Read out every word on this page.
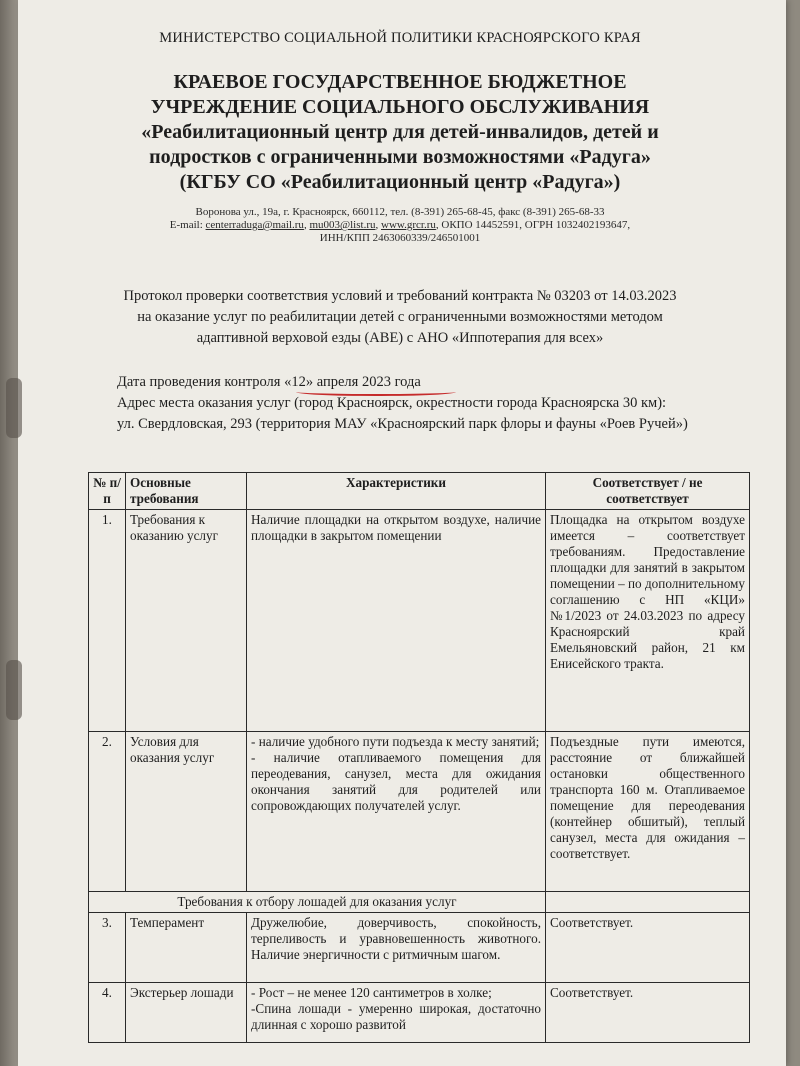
МИНИСТЕРСТВО СОЦИАЛЬНОЙ ПОЛИТИКИ КРАСНОЯРСКОГО КРАЯ
КРАЕВОЕ ГОСУДАРСТВЕННОЕ БЮДЖЕТНОЕ
УЧРЕЖДЕНИЕ СОЦИАЛЬНОГО ОБСЛУЖИВАНИЯ
«Реабилитационный центр для детей-инвалидов, детей и
подростков с ограниченными возможностями «Радуга»
(КГБУ СО «Реабилитационный центр «Радуга»)
Воронова ул., 19а, г. Красноярск, 660112, тел. (8-391) 265-68-45, факс (8-391) 265-68-33
E-mail: centerraduga@mail.ru, mu003@list.ru, www.grcr.ru, ОКПО 14452591, ОГРН 1032402193647,
ИНН/КПП 2463060339/246501001
Протокол проверки соответствия условий и требований контракта № 03203 от 14.03.2023
на оказание услуг по реабилитации детей с ограниченными возможностями методом
адаптивной верховой езды (АВЕ) с АНО «Иппотерапия для всех»
Дата проведения контроля «12» апреля 2023 года
Адрес места оказания услуг (город Красноярск, окрестности города Красноярска 30 км):
ул. Свердловская, 293 (территория МАУ «Красноярский парк флоры и фауны «Роев Ручей»)
№ п/п	Основные требования	Характеристики	Соответствует / не соответствует
1.	Требования к оказанию услуг	Наличие площадки на открытом воздухе, наличие площадки в закрытом помещении	Площадка на открытом воздухе имеется – соответствует требованиям. Предоставление площадки для занятий в закрытом помещении – по дополнительному соглашению с НП «КЦИ» №1/2023 от 24.03.2023 по адресу Красноярский край Емельяновский район, 21 км Енисейского тракта.
2.	Условия для оказания услуг	- наличие удобного пути подъезда к месту занятий;
- наличие отапливаемого помещения для переодевания, санузел, места для ожидания окончания занятий для родителей или сопровождающих получателей услуг.	Подъездные пути имеются, расстояние от ближайшей остановки общественного транспорта 160 м. Отапливаемое помещение для переодевания (контейнер обшитый), теплый санузел, места для ожидания – соответствует.
Требования к отбору лошадей для оказания услуг			
3.	Темперамент	Дружелюбие, доверчивость, спокойность, терпеливость и уравновешенность животного. Наличие энергичности с ритмичным шагом.	Соответствует.
4.	Экстерьер лошади	- Рост – не менее 120 сантиметров в холке;
-Спина лошади - умеренно широкая, достаточно длинная с хорошо развитой	Соответствует.
